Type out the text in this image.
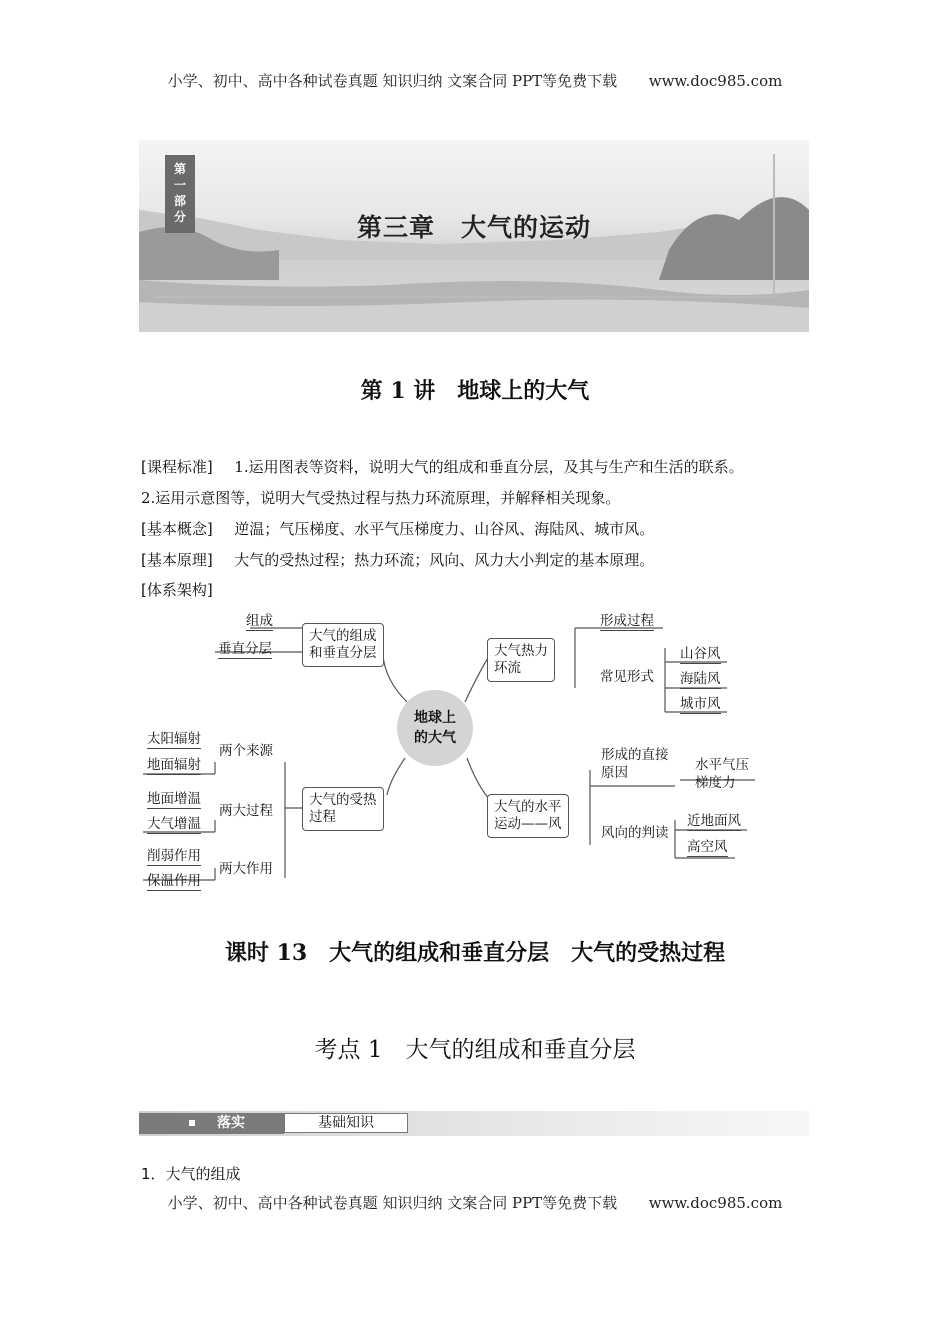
小学、初中、高中各种试卷真题 知识归纳 文案合同 PPT等免费下载 www.doc985.com
第
一
部
分	第三章　大气的运动
第 1 讲　地球上的大气
[课程标准] 1.运用图表等资料，说明大气的组成和垂直分层，及其与生产和生活的联系。
2.运用示意图等，说明大气受热过程与热力环流原理，并解释相关现象。
[基本概念] 逆温；气压梯度、水平气压梯度力、山谷风、海陆风、城市风。
[基本原理] 大气的受热过程；热力环流；风向、风力大小判定的基本原理。
[体系架构]
组成
垂直分层
大气的组成
和垂直分层
地球上
的大气
太阳辐射
地面辐射
两个来源
地面增温
大气增温
两大过程
削弱作用
保温作用
两大作用
大气的受热
过程
大气热力
环流
形成过程
常见形式
山谷风
海陆风
城市风
大气的水平
运动——风
形成的直接
原因	水平气压
梯度力
风向的判读
近地面风
高空风
课时 13　大气的组成和垂直分层　大气的受热过程
考点 1　大气的组成和垂直分层
落实	基础知识
1．大气的组成
小学、初中、高中各种试卷真题 知识归纳 文案合同 PPT等免费下载 www.doc985.com
